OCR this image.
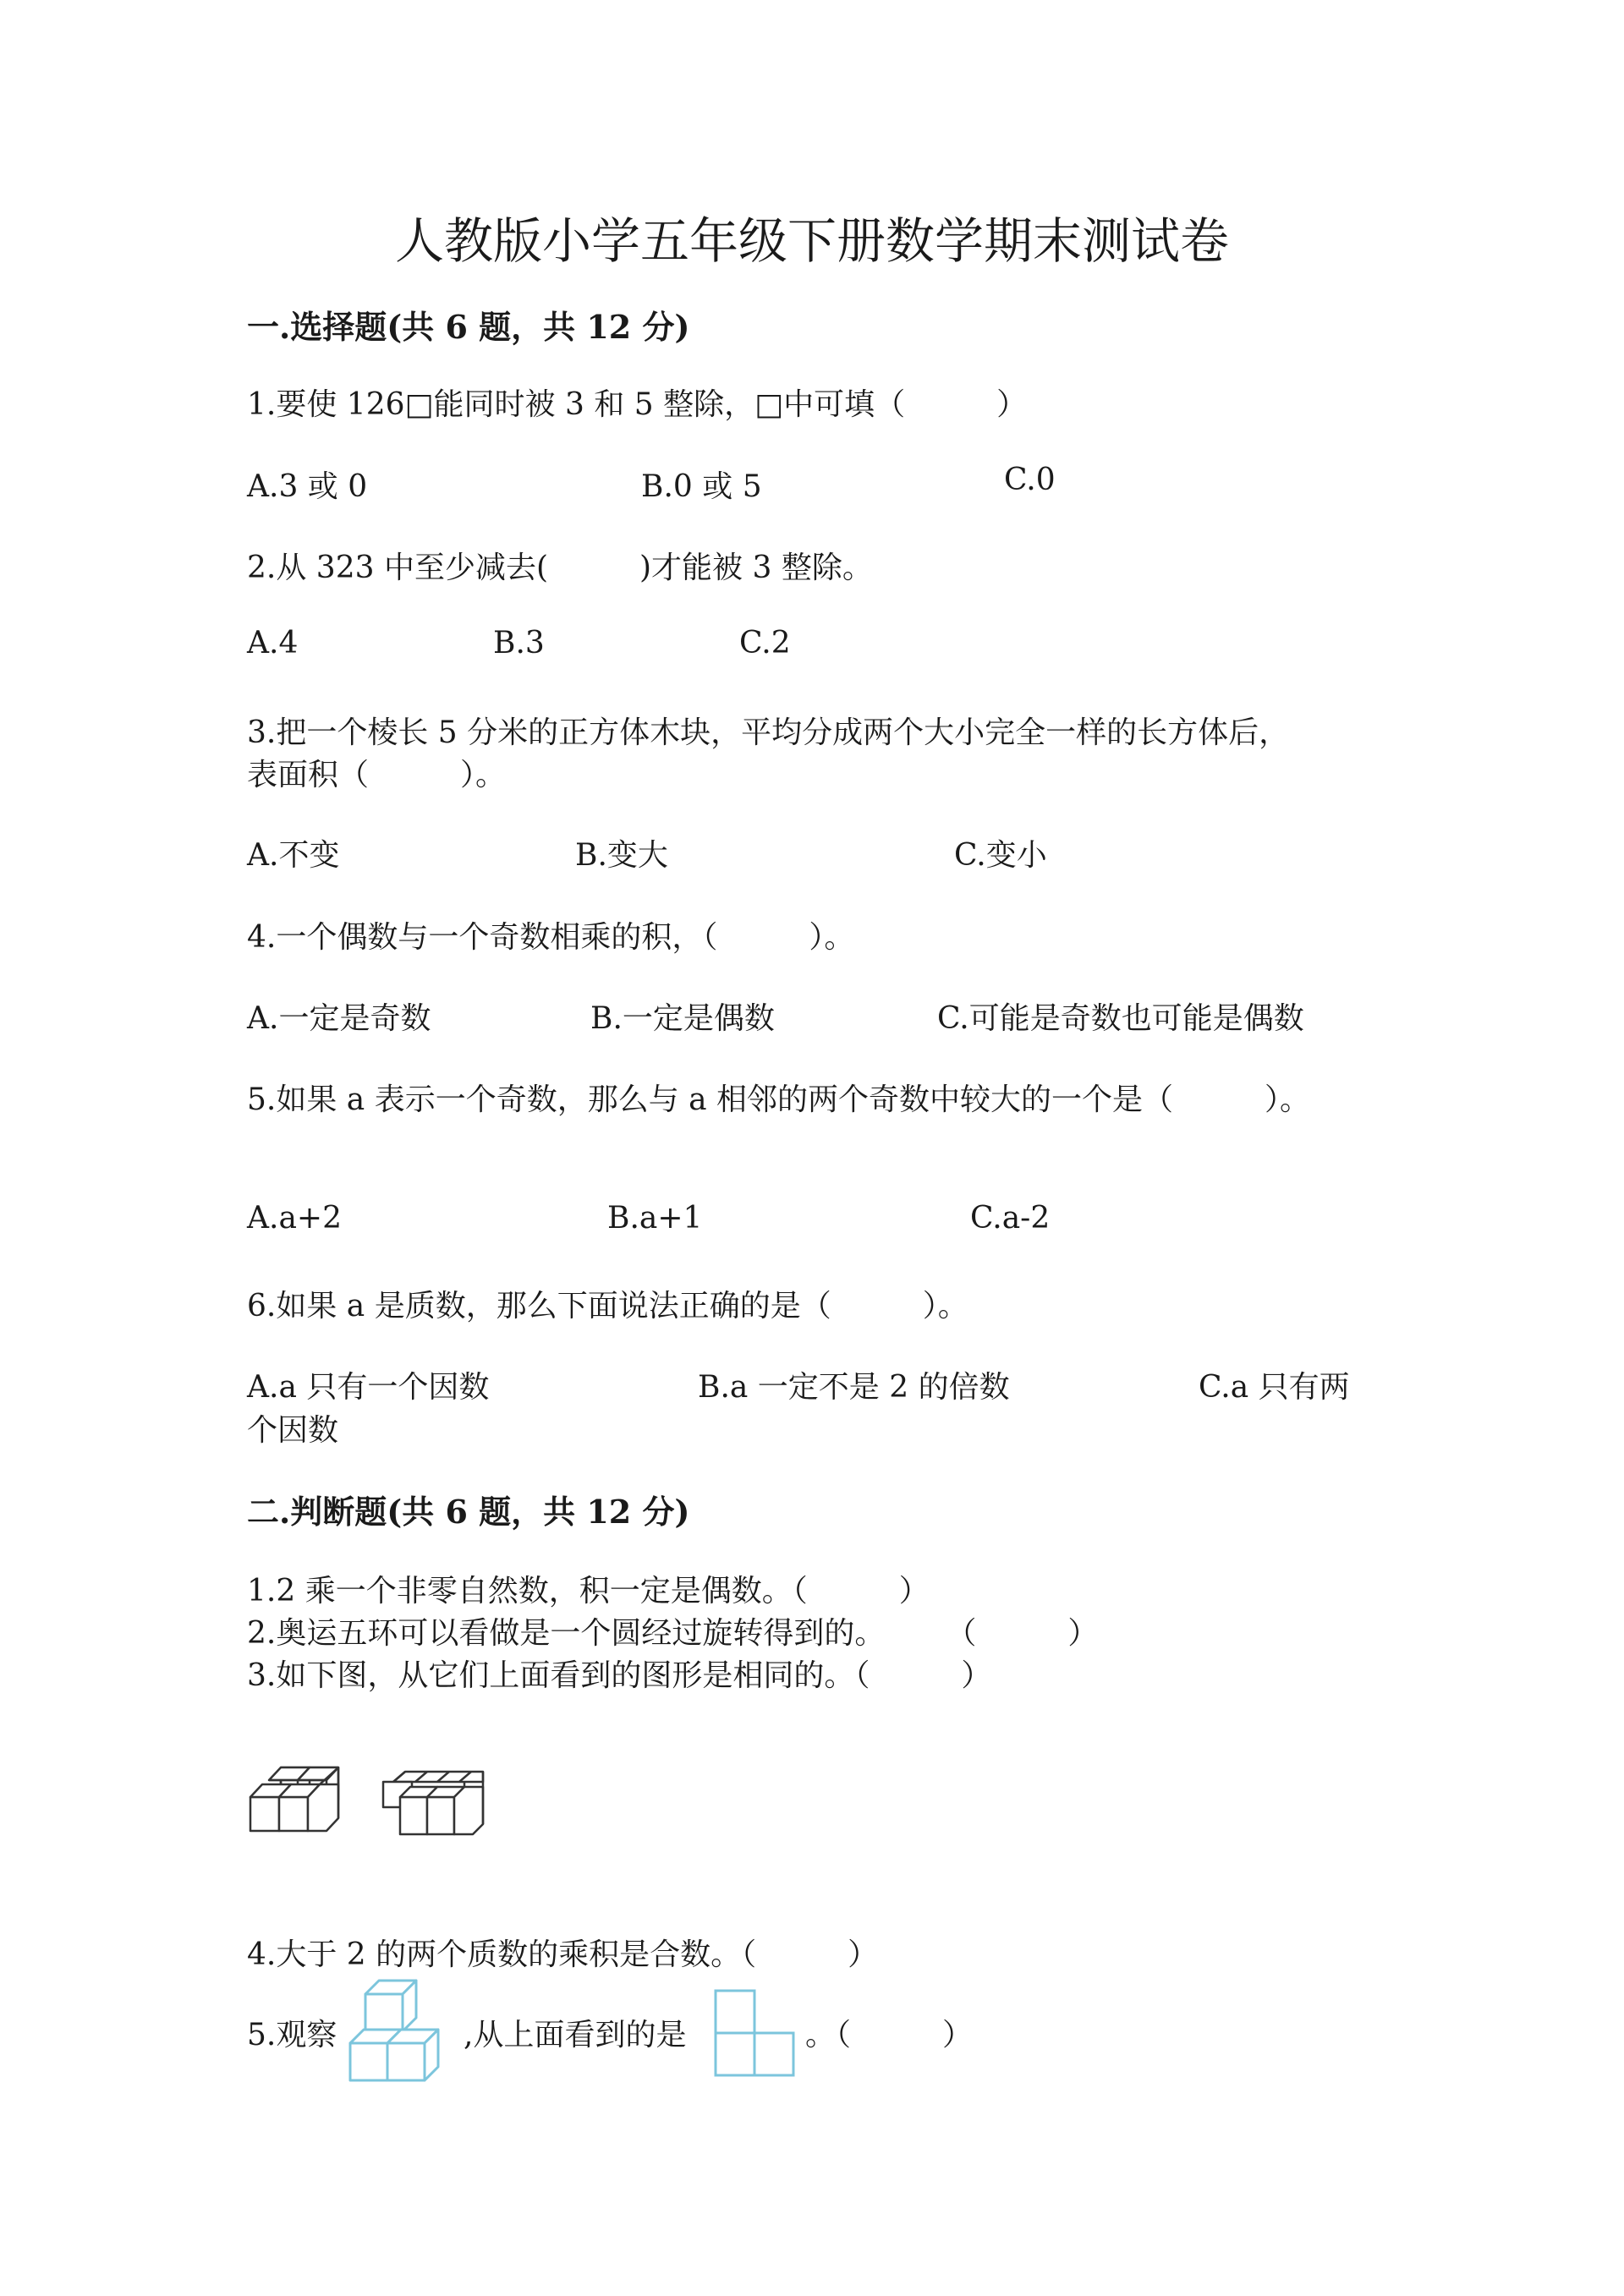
人教版小学五年级下册数学期末测试卷
一.选择题(共 6 题，共 12 分)
1.要使 126□能同时被 3 和 5 整除，□中可填（　　　）
A.3 或 0	B.0 或 5	C.0
2.从 323 中至少减去(　　　)才能被 3 整除。
A.4	B.3	C.2
3.把一个棱长 5 分米的正方体木块，平均分成两个大小完全一样的长方体后，
表面积（　　　）。
A.不变	B.变大	C.变小
4.一个偶数与一个奇数相乘的积，（　　　）。
A.一定是奇数	B.一定是偶数	C.可能是奇数也可能是偶数
5.如果 a 表示一个奇数，那么与 a 相邻的两个奇数中较大的一个是（　　　）。
A.a+2	B.a+1	C.a-2
6.如果 a 是质数，那么下面说法正确的是（　　　）。
A.a 只有一个因数	B.a 一定不是 2 的倍数	C.a 只有两
个因数
二.判断题(共 6 题，共 12 分)
1.2 乘一个非零自然数，积一定是偶数。（　　　）
2.奥运五环可以看做是一个圆经过旋转得到的。　　　（　　　）
3.如下图，从它们上面看到的图形是相同的。（　　　）
4.大于 2 的两个质数的乘积是合数。（　　　）
5.观察	,从上面看到的是	。（　　　）
